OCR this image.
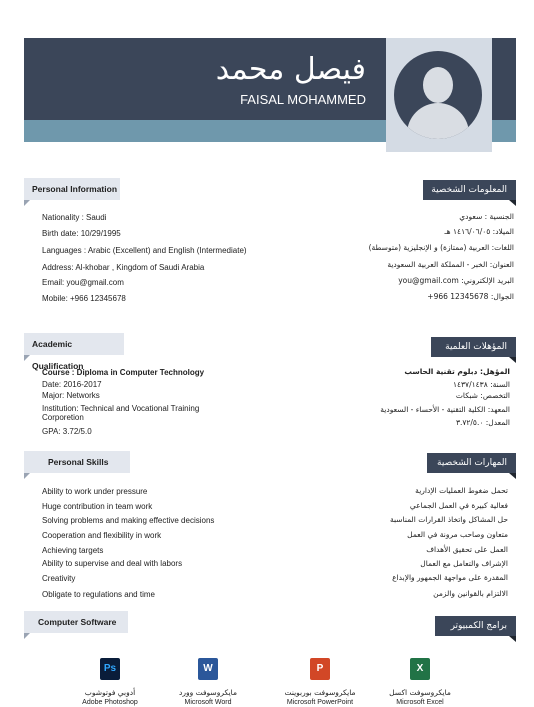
فيصل محمد
FAISAL MOHAMMED
Personal Information	المعلومات الشخصية
Nationality : Saudi
Birth date: 10/29/1995
Languages : Arabic (Excellent) and English (Intermediate)
Address: Al-khobar , Kingdom of Saudi Arabia
Email: you@gmail.com
Mobile: +966 12345678
الجنسية : سعودي
الميلاد: ١٤١٦/٠٦/٠٥ هـ
اللغات: العربية (ممتازة) و الإنجليزية (متوسطة)
العنوان: الخبر - المملكة العربية السعودية
البريد الإلكتروني: you@gmail.com
الجوال: 12345678 966+
Academic Qualification
المؤهلات العلمية
Course : Diploma in Computer Technology
Date: 2016-2017
Major: Networks
Institution: Technical and Vocational Training Corporetion
GPA: 3.72/5.0
المؤهل: دبلوم تقنية الحاسب
السنة: ١٤٣٧/١٤٣٨
التخصص: شبكات
المعهد: الكلية التقنية - الأحساء - السعودية
المعدل: ٣.٧٢/٥.٠
Personal Skills	المهارات الشخصية
Ability to work under pressure
Huge contribution in team work
Solving problems and making effective decisions
Cooperation and flexibility in work
Achieving targets
Ability to supervise and deal with labors
Creativity
Obligate to regulations and time
تحمل ضغوط العمليات الإدارية
فعالية كبيرة في العمل الجماعي
حل المشاكل واتخاذ القرارات المناسبة
متعاون وصاحب مرونة في العمل
العمل على تحقيق الأهداف
الإشراف والتعامل مع العمال
المقدرة على مواجهة الجمهور والإبداع
الالتزام بالقوانين والزمن
Computer Software	برامج الكمبيوتر
Ps
أدوبي فوتوشوب
Adobe Photoshop
W
مايكروسوفت وورد
Microsoft Word
P
مايكروسوفت بوربوينت
Microsoft PowerPoint
X
مايكروسوفت اكسل
Microsoft Excel
